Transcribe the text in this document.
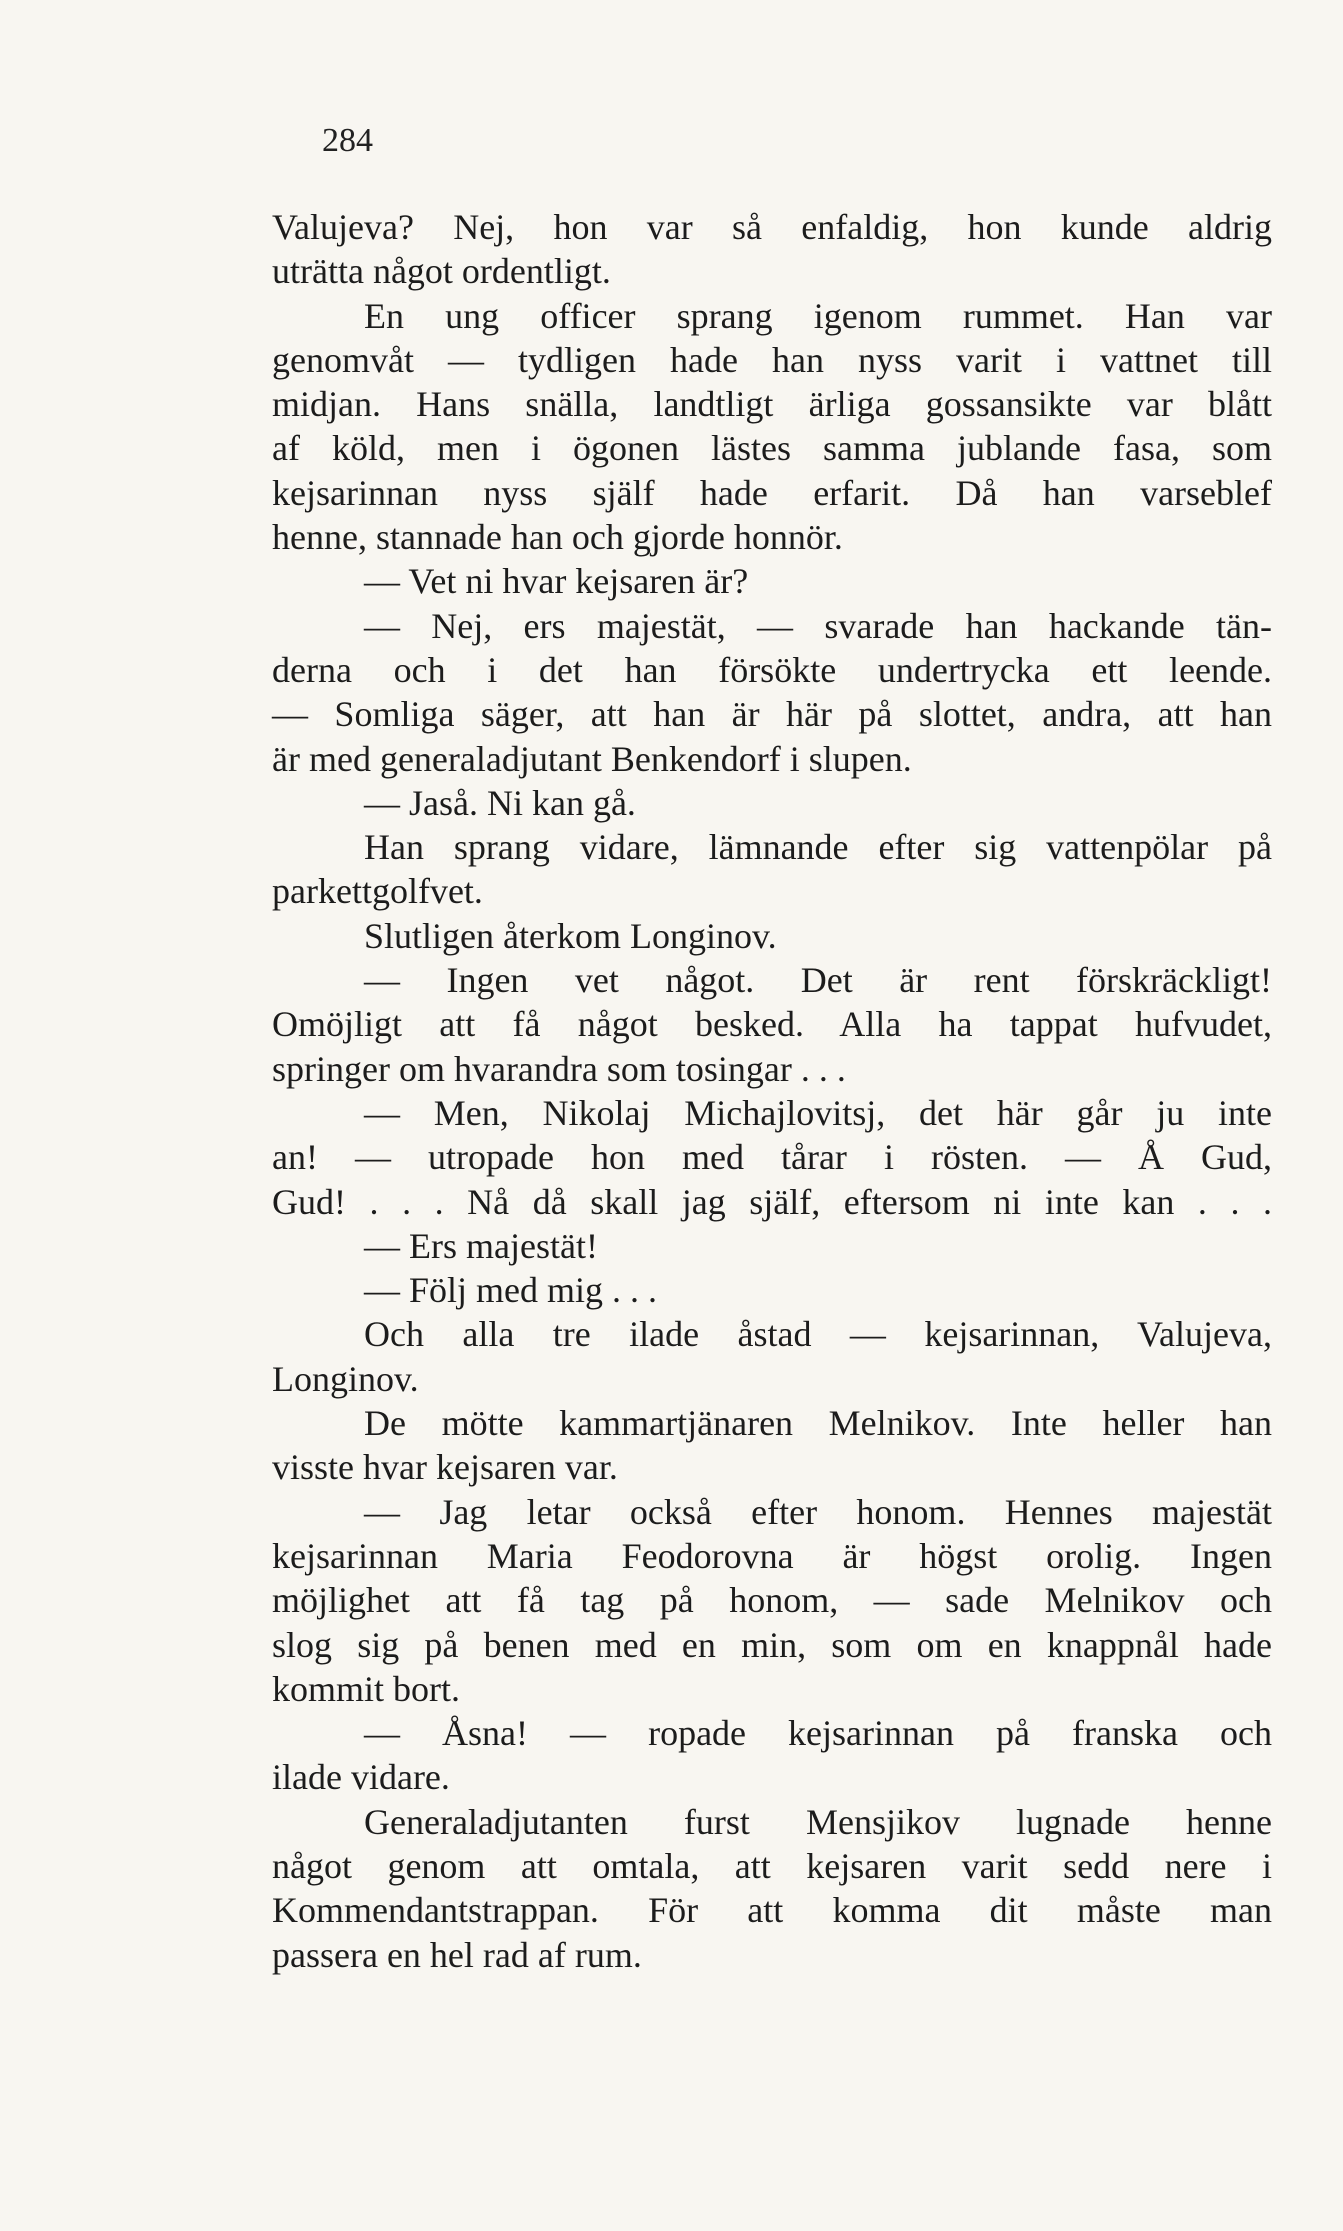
284

Valujeva? Nej, hon var så enfaldig, hon kunde aldrig

uträtta något ordentligt.

En ung officer sprang igenom rummet. Han var

genomvåt — tydligen hade han nyss varit i vattnet till

midjan. Hans snälla, landtligt ärliga gossansikte var blått

af köld, men i ögonen lästes samma jublande fasa, som

kejsarinnan nyss själf hade erfarit. Då han varseblef

henne, stannade han och gjorde honnör.

— Vet ni hvar kejsaren är?

— Nej, ers majestät, — svarade han hackande tän-

derna och i det han försökte undertrycka ett leende.

— Somliga säger, att han är här på slottet, andra, att han

är med generaladjutant Benkendorf i slupen.

— Jaså. Ni kan gå.

Han sprang vidare, lämnande efter sig vattenpölar på

parkettgolfvet.

Slutligen återkom Longinov.

— Ingen vet något. Det är rent förskräckligt!

Omöjligt att få något besked. Alla ha tappat hufvudet,

springer om hvarandra som tosingar . . .

— Men, Nikolaj Michajlovitsj, det här går ju inte

an! — utropade hon med tårar i rösten. — Å Gud,

Gud! . . . Nå då skall jag själf, eftersom ni inte kan . . .

— Ers majestät!

— Följ med mig . . .

Och alla tre ilade åstad — kejsarinnan, Valujeva,

Longinov.

De mötte kammartjänaren Melnikov. Inte heller han

visste hvar kejsaren var.

— Jag letar också efter honom. Hennes majestät

kejsarinnan Maria Feodorovna är högst orolig. Ingen

möjlighet att få tag på honom, — sade Melnikov och

slog sig på benen med en min, som om en knappnål hade

kommit bort.

— Åsna! — ropade kejsarinnan på franska och

ilade vidare.

Generaladjutanten furst Mensjikov lugnade henne

något genom att omtala, att kejsaren varit sedd nere i

Kommendantstrappan. För att komma dit måste man

passera en hel rad af rum.
